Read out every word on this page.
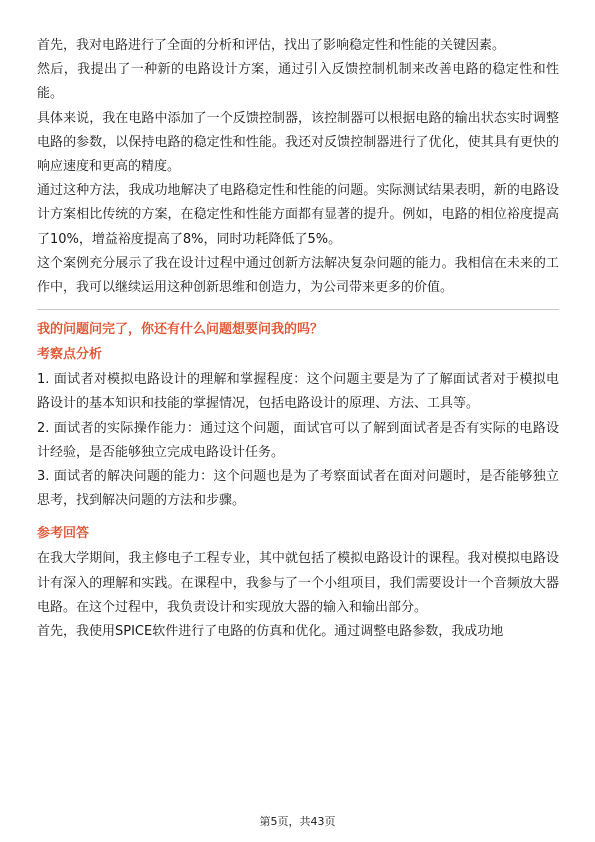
首先，我对电路进行了全面的分析和评估，找出了影响稳定性和性能的关键因素。

然后，我提出了一种新的电路设计方案，通过引入反馈控制机制来改善电路的稳定性和性能。

具体来说，我在电路中添加了一个反馈控制器，该控制器可以根据电路的输出状态实时调整电路的参数，以保持电路的稳定性和性能。我还对反馈控制器进行了优化，使其具有更快的响应速度和更高的精度。

通过这种方法，我成功地解决了电路稳定性和性能的问题。实际测试结果表明，新的电路设计方案相比传统的方案，在稳定性和性能方面都有显著的提升。例如，电路的相位裕度提高了10%，增益裕度提高了8%，同时功耗降低了5%。

这个案例充分展示了我在设计过程中通过创新方法解决复杂问题的能力。我相信在未来的工作中，我可以继续运用这种创新思维和创造力，为公司带来更多的价值。

我的问题问完了，你还有什么问题想要问我的吗？

考察点分析

1. 面试者对模拟电路设计的理解和掌握程度：这个问题主要是为了了解面试者对于模拟电路设计的基本知识和技能的掌握情况，包括电路设计的原理、方法、工具等。

2. 面试者的实际操作能力：通过这个问题，面试官可以了解到面试者是否有实际的电路设计经验，是否能够独立完成电路设计任务。

3. 面试者的解决问题的能力：这个问题也是为了考察面试者在面对问题时，是否能够独立思考，找到解决问题的方法和步骤。

参考回答

在我大学期间，我主修电子工程专业，其中就包括了模拟电路设计的课程。我对模拟电路设计有深入的理解和实践。在课程中，我参与了一个小组项目，我们需要设计一个音频放大器电路。在这个过程中，我负责设计和实现放大器的输入和输出部分。

首先，我使用SPICE软件进行了电路的仿真和优化。通过调整电路参数，我成功地

第5页，共43页
